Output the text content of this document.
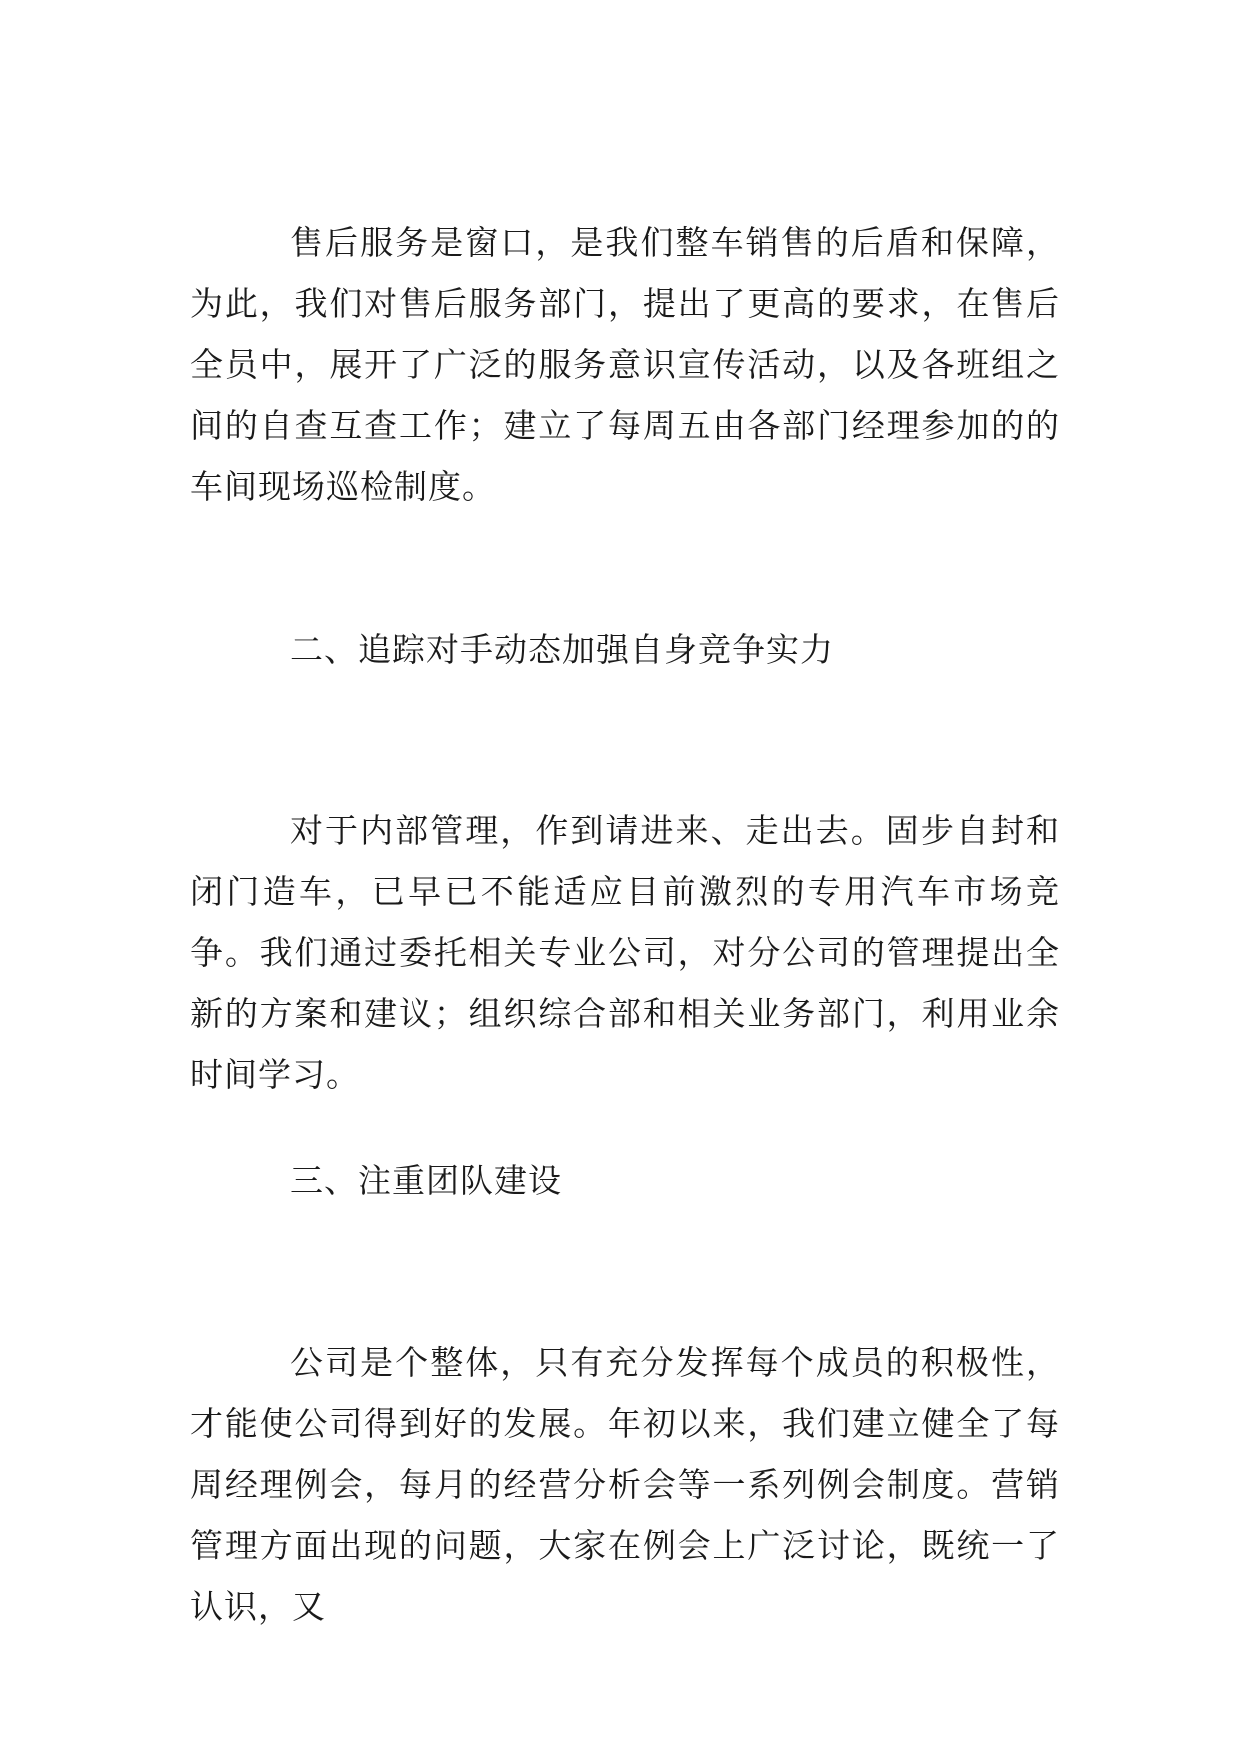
售后服务是窗口，是我们整车销售的后盾和保障，为此，我们对售后服务部门，提出了更高的要求，在售后全员中，展开了广泛的服务意识宣传活动，以及各班组之间的自查互查工作；建立了每周五由各部门经理参加的的车间现场巡检制度。

二、追踪对手动态加强自身竞争实力

对于内部管理，作到请进来、走出去。固步自封和闭门造车，已早已不能适应目前激烈的专用汽车市场竞争。我们通过委托相关专业公司，对分公司的管理提出全新的方案和建议；组织综合部和相关业务部门，利用业余时间学习。

三、注重团队建设

公司是个整体，只有充分发挥每个成员的积极性，才能使公司得到好的发展。年初以来，我们建立健全了每周经理例会，每月的经营分析会等一系列例会制度。营销管理方面出现的问题，大家在例会上广泛讨论，既统一了认识，又
